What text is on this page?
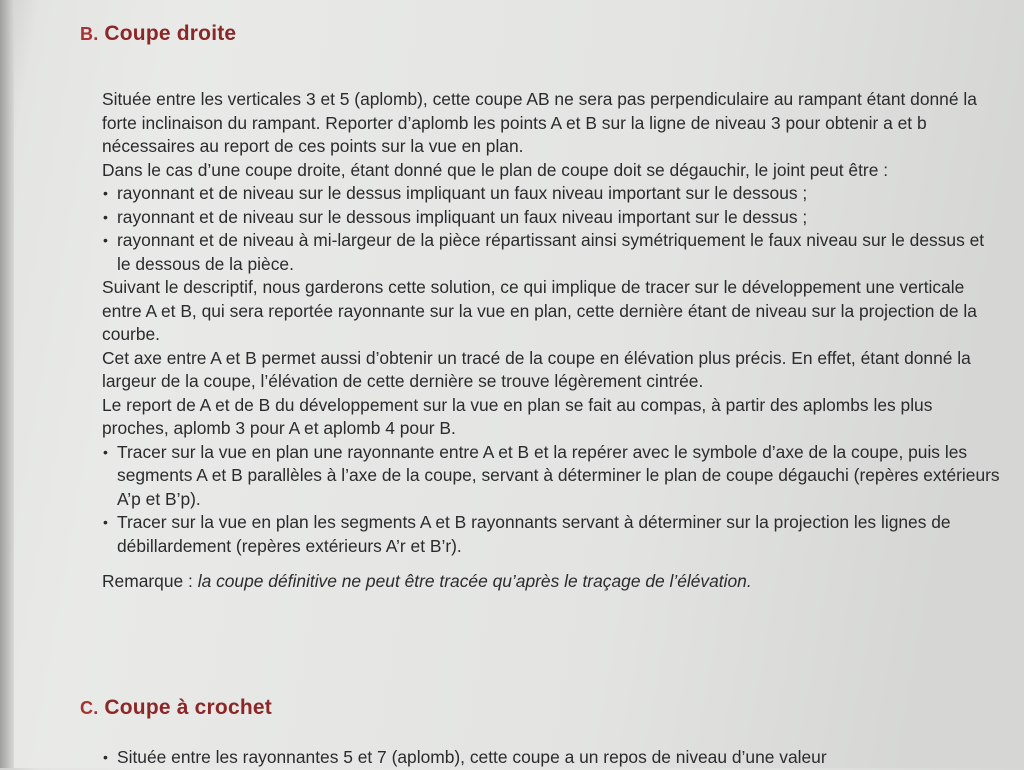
B. Coupe droite

Située entre les verticales 3 et 5 (aplomb), cette coupe AB ne sera pas perpendiculaire au rampant étant donné la forte inclinaison du rampant. Reporter d’aplomb les points A et B sur la ligne de niveau 3 pour obtenir a et b nécessaires au report de ces points sur la vue en plan.

Dans le cas d’une coupe droite, étant donné que le plan de coupe doit se dégauchir, le joint peut être :

• rayonnant et de niveau sur le dessus impliquant un faux niveau important sur le dessous ;
• rayonnant et de niveau sur le dessous impliquant un faux niveau important sur le dessus ;
• rayonnant et de niveau à mi-largeur de la pièce répartissant ainsi symétriquement le faux niveau sur le dessus et le dessous de la pièce.

Suivant le descriptif, nous garderons cette solution, ce qui implique de tracer sur le développement une verticale entre A et B, qui sera reportée rayonnante sur la vue en plan, cette dernière étant de niveau sur la projection de la courbe.

Cet axe entre A et B permet aussi d’obtenir un tracé de la coupe en élévation plus précis. En effet, étant donné la largeur de la coupe, l’élévation de cette dernière se trouve légèrement cintrée.

Le report de A et de B du développement sur la vue en plan se fait au compas, à partir des aplombs les plus proches, aplomb 3 pour A et aplomb 4 pour B.

• Tracer sur la vue en plan une rayonnante entre A et B et la repérer avec le symbole d’axe de la coupe, puis les segments A et B parallèles à l’axe de la coupe, servant à déterminer le plan de coupe dégauchi (repères extérieurs A’p et B’p).
• Tracer sur la vue en plan les segments A et B rayonnants servant à déterminer sur la projection les lignes de débillardement (repères extérieurs A’r et B’r).

Remarque : la coupe définitive ne peut être tracée qu’après le traçage de l’élévation.

C. Coupe à crochet
• Située entre les rayonnantes 5 et 7 (aplomb), cette coupe a un repos de niveau d’une valeur
